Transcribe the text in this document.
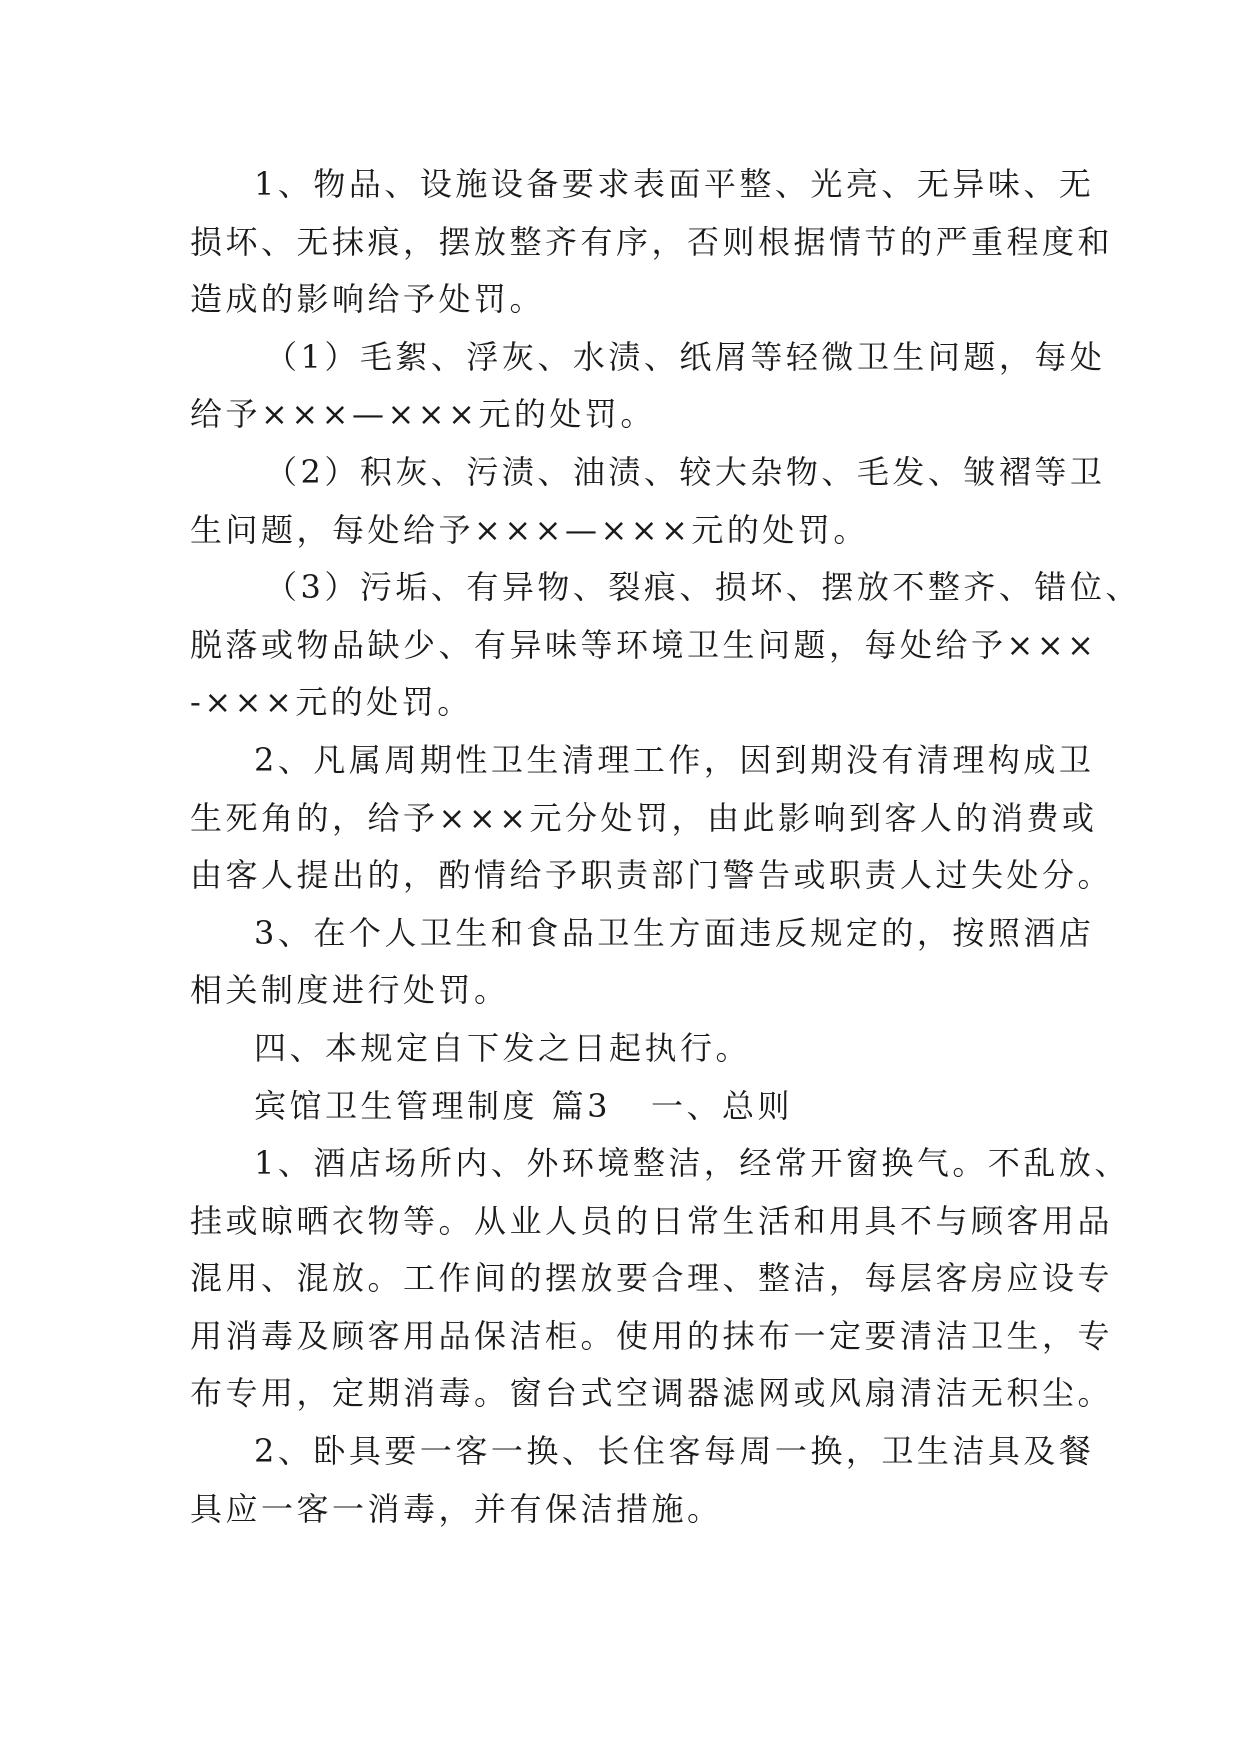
1、物品、设施设备要求表面平整、光亮、无异味、无
损坏、无抹痕，摆放整齐有序，否则根据情节的严重程度和
造成的影响给予处罚。
（1）毛絮、浮灰、水渍、纸屑等轻微卫生问题，每处
给予×××—×××元的处罚。
（2）积灰、污渍、油渍、较大杂物、毛发、皱褶等卫
生问题，每处给予×××—×××元的处罚。
（3）污垢、有异物、裂痕、损坏、摆放不整齐、错位、
脱落或物品缺少、有异味等环境卫生问题，每处给予×××
-×××元的处罚。
2、凡属周期性卫生清理工作，因到期没有清理构成卫
生死角的，给予×××元分处罚，由此影响到客人的消费或
由客人提出的，酌情给予职责部门警告或职责人过失处分。
3、在个人卫生和食品卫生方面违反规定的，按照酒店
相关制度进行处罚。
四、本规定自下发之日起执行。
宾馆卫生管理制度 篇3 一、总则
1、酒店场所内、外环境整洁，经常开窗换气。不乱放、
挂或晾晒衣物等。从业人员的日常生活和用具不与顾客用品
混用、混放。工作间的摆放要合理、整洁，每层客房应设专
用消毒及顾客用品保洁柜。使用的抹布一定要清洁卫生，专
布专用，定期消毒。窗台式空调器滤网或风扇清洁无积尘。
2、卧具要一客一换、长住客每周一换，卫生洁具及餐
具应一客一消毒，并有保洁措施。
